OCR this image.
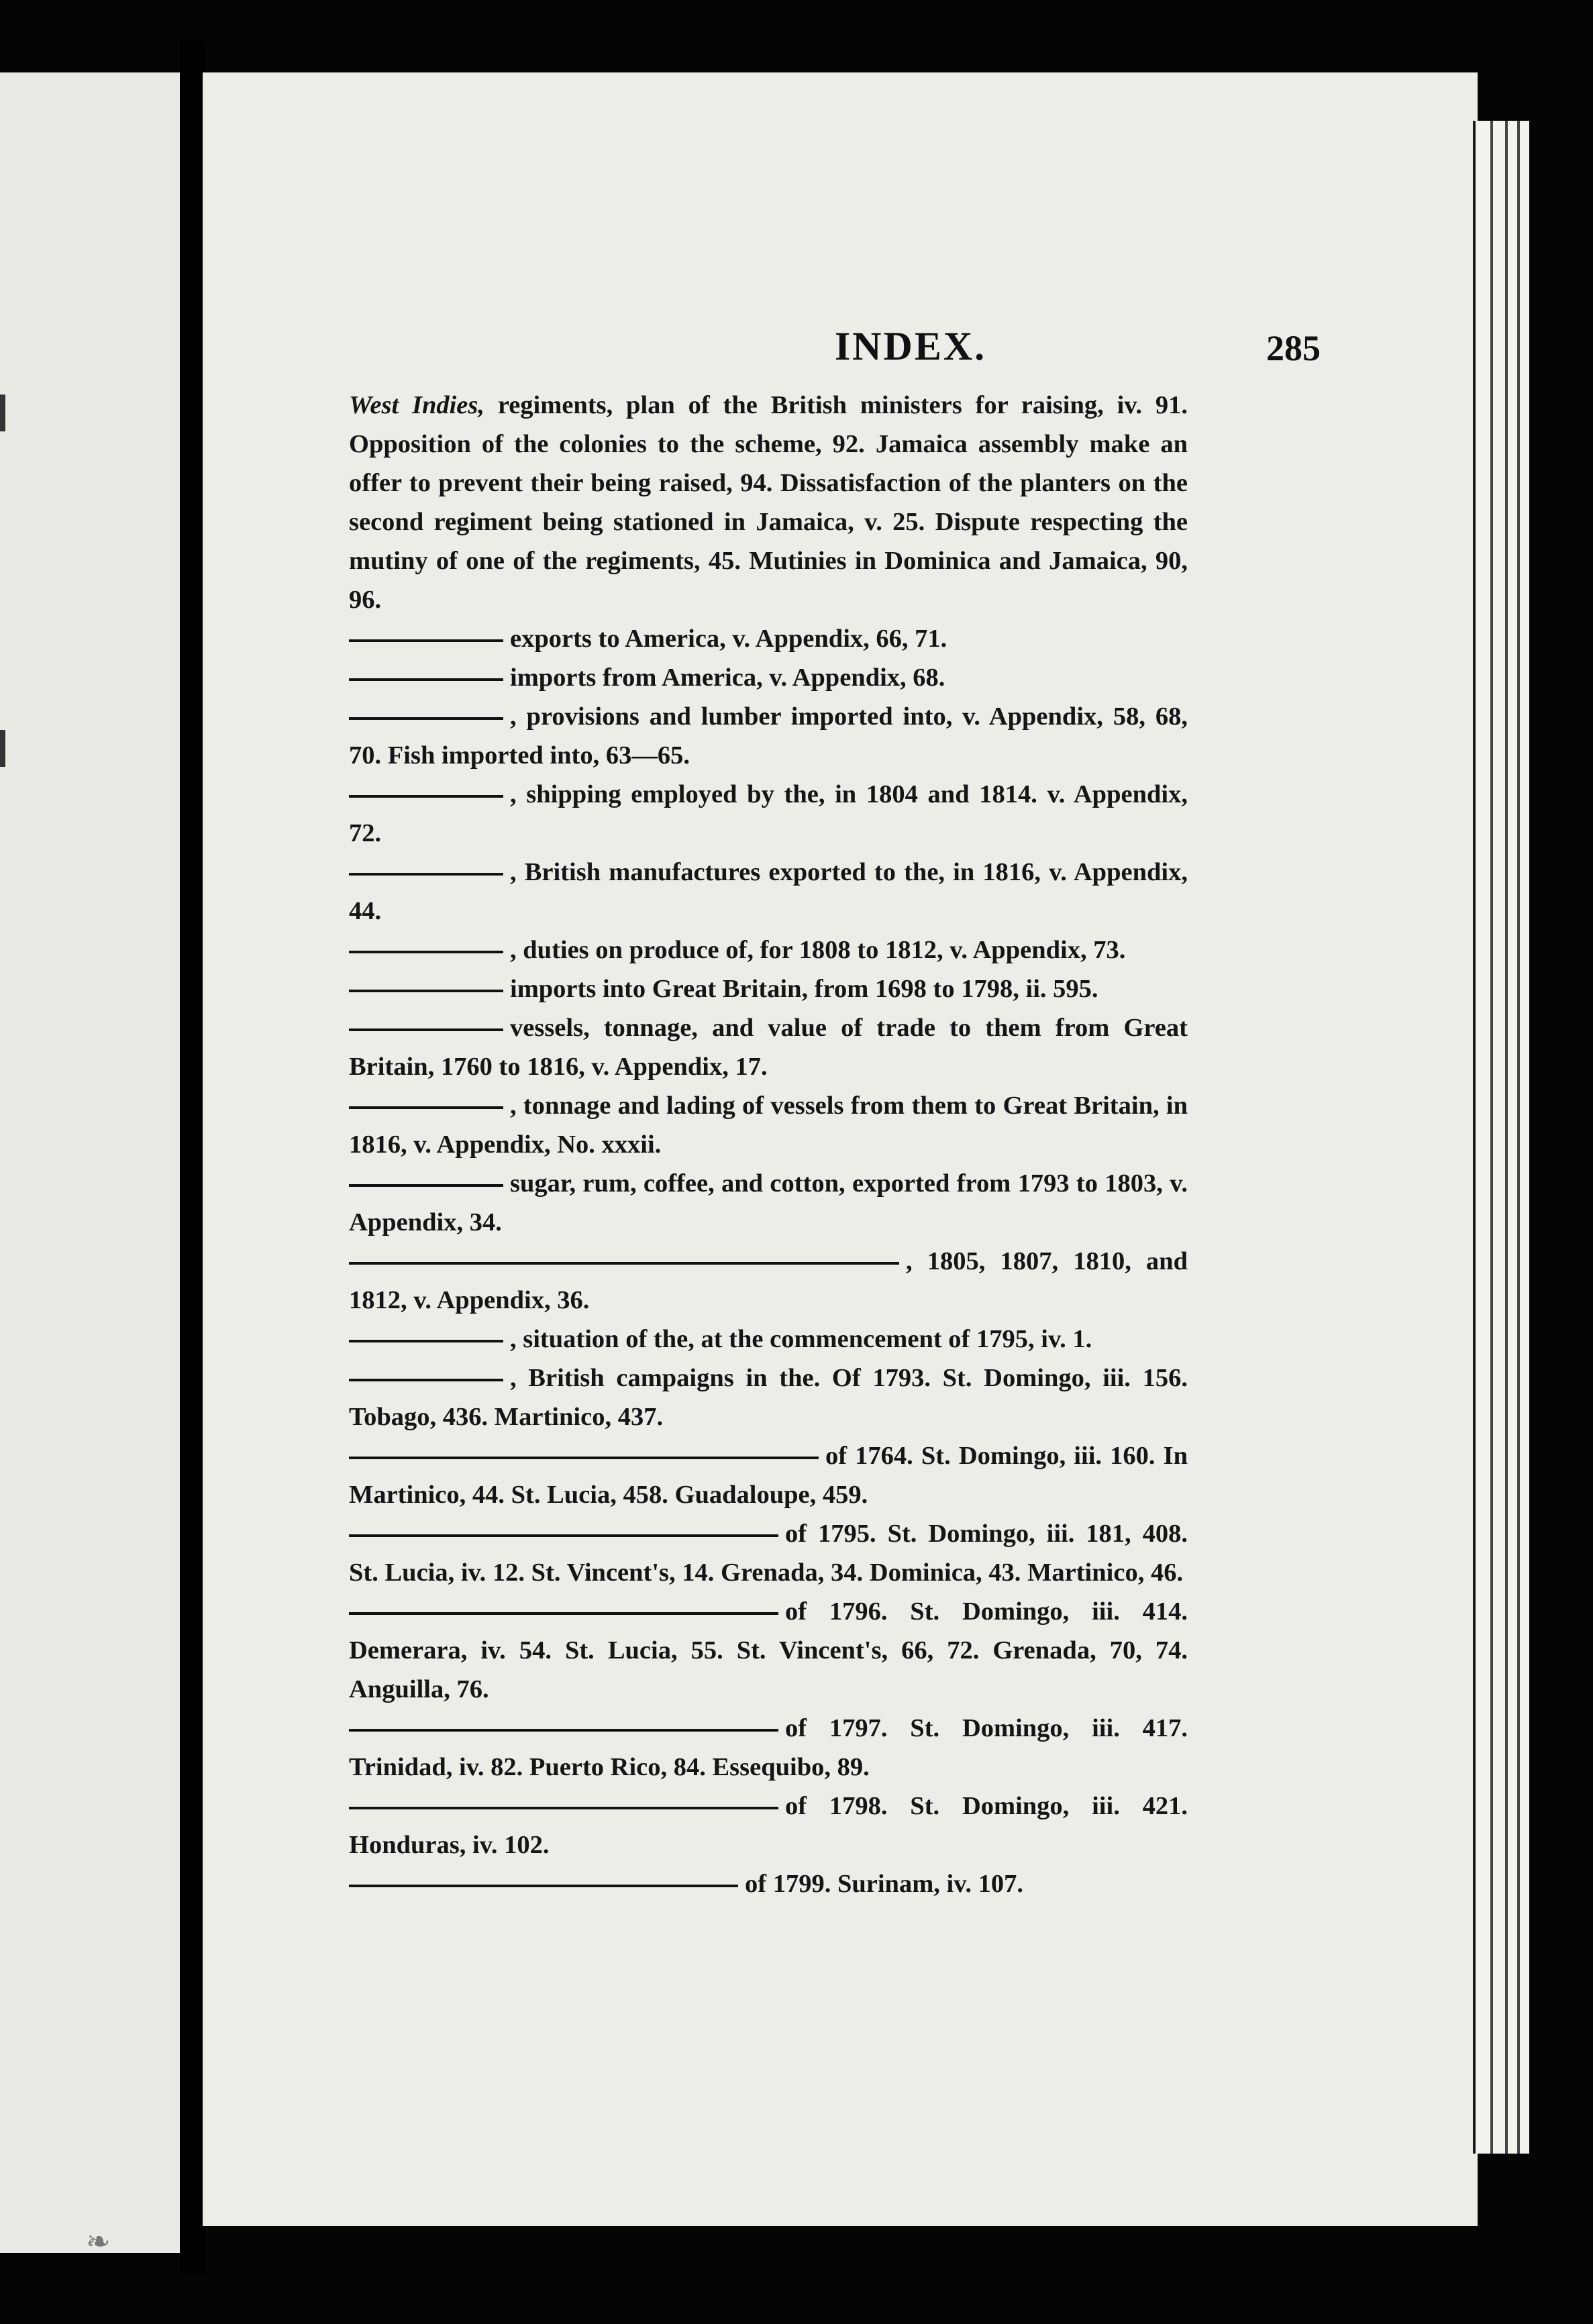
INDEX.	285
West Indies, regiments, plan of the British ministers for raising, iv. 91. Opposition of the colonies to the scheme, 92. Jamaica assembly make an offer to prevent their being raised, 94. Dissatisfaction of the planters on the second regiment being stationed in Jamaica, v. 25. Dispute respecting the mutiny of one of the regiments, 45. Mutinies in Dominica and Jamaica, 90, 96.
exports to America, v. Appendix, 66, 71.
imports from America, v. Appendix, 68.
, provisions and lumber imported into, v. Appendix, 58, 68, 70. Fish imported into, 63—65.
, shipping employed by the, in 1804 and 1814. v. Appendix, 72.
, British manufactures exported to the, in 1816, v. Appendix, 44.
, duties on produce of, for 1808 to 1812, v. Appendix, 73.
imports into Great Britain, from 1698 to 1798, ii. 595.
vessels, tonnage, and value of trade to them from Great Britain, 1760 to 1816, v. Appendix, 17.
, tonnage and lading of vessels from them to Great Britain, in 1816, v. Appendix, No. xxxii.
sugar, rum, coffee, and cotton, exported from 1793 to 1803, v. Appendix, 34.
, 1805, 1807, 1810, and 1812, v. Appendix, 36.
, situation of the, at the commencement of 1795, iv. 1.
, British campaigns in the. Of 1793. St. Domingo, iii. 156. Tobago, 436. Martinico, 437.
of 1764. St. Domingo, iii. 160. In Martinico, 44. St. Lucia, 458. Guadaloupe, 459.
of 1795. St. Domingo, iii. 181, 408. St. Lucia, iv. 12. St. Vincent's, 14. Grenada, 34. Dominica, 43. Martinico, 46.
of 1796. St. Domingo, iii. 414. Demerara, iv. 54. St. Lucia, 55. St. Vincent's, 66, 72. Grenada, 70, 74. Anguilla, 76.
of 1797. St. Domingo, iii. 417. Trinidad, iv. 82. Puerto Rico, 84. Essequibo, 89.
of 1798. St. Domingo, iii. 421. Honduras, iv. 102.
of 1799. Surinam, iv. 107.
❧
